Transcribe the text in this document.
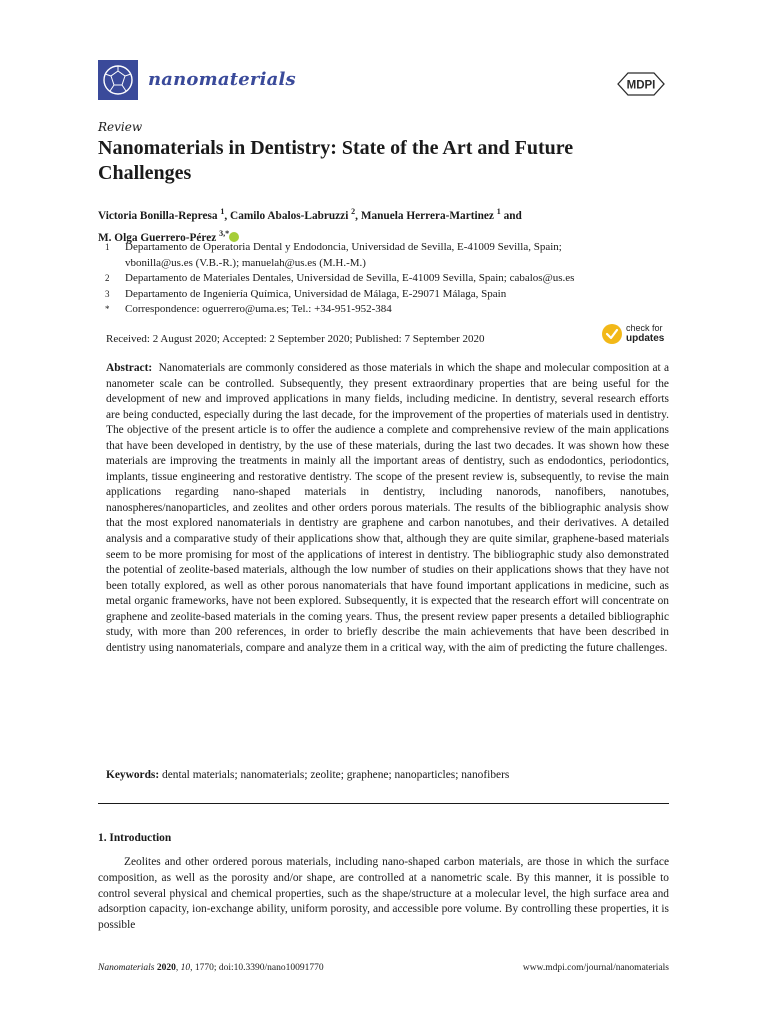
nanomaterials	MDPI
Review
Nanomaterials in Dentistry: State of the Art and Future Challenges
Victoria Bonilla-Represa $^1$, Camilo Abalos-Labruzzi $^2$, Manuela Herrera-Martinez $^1$ and
M. Olga Guerrero-Pérez $^{3,*}$
1	Departamento de Operatoria Dental y Endodoncia, Universidad de Sevilla, E-41009 Sevilla, Spain;
vbonilla@us.es (V.B.-R.); manuelah@us.es (M.H.-M.)
2	Departamento de Materiales Dentales, Universidad de Sevilla, E-41009 Sevilla, Spain; cabalos@us.es
3	Departamento de Ingeniería Química, Universidad de Málaga, E-29071 Málaga, Spain
*	Correspondence: oguerrero@uma.es; Tel.: +34-951-952-384
Received: 2 August 2020; Accepted: 2 September 2020; Published: 7 September 2020
check for
updates

Abstract: Nanomaterials are commonly considered as those materials in which the shape and molecular composition at a nanometer scale can be controlled. Subsequently, they present extraordinary properties that are being useful for the development of new and improved applications in many fields, including medicine. In dentistry, several research efforts are being conducted, especially during the last decade, for the improvement of the properties of materials used in dentistry. The objective of the present article is to offer the audience a complete and comprehensive review of the main applications that have been developed in dentistry, by the use of these materials, during the last two decades. It was shown how these materials are improving the treatments in mainly all the important areas of dentistry, such as endodontics, periodontics, implants, tissue engineering and restorative dentistry. The scope of the present review is, subsequently, to revise the main applications regarding nano-shaped materials in dentistry, including nanorods, nanofibers, nanotubes, nanospheres/nanoparticles, and zeolites and other orders porous materials. The results of the bibliographic analysis show that the most explored nanomaterials in dentistry are graphene and carbon nanotubes, and their derivatives. A detailed analysis and a comparative study of their applications show that, although they are quite similar, graphene-based materials seem to be more promising for most of the applications of interest in dentistry. The bibliographic study also demonstrated the potential of zeolite-based materials, although the low number of studies on their applications shows that they have not been totally explored, as well as other porous nanomaterials that have found important applications in medicine, such as metal organic frameworks, have not been explored. Subsequently, it is expected that the research effort will concentrate on graphene and zeolite-based materials in the coming years. Thus, the present review paper presents a detailed bibliographic study, with more than 200 references, in order to briefly describe the main achievements that have been described in dentistry using nanomaterials, compare and analyze them in a critical way, with the aim of predicting the future challenges.

Keywords: dental materials; nanomaterials; zeolite; graphene; nanoparticles; nanofibers
1. Introduction

Zeolites and other ordered porous materials, including nano-shaped carbon materials, are those in which the surface composition, as well as the porosity and/or shape, are controlled at a nanometric scale. By this manner, it is possible to control several physical and chemical properties, such as the shape/structure at a molecular level, the high surface area and adsorption capacity, ion-exchange ability, uniform porosity, and accessible pore volume. By controlling these properties, it is possible

Nanomaterials 2020, 10, 1770; doi:10.3390/nano10091770	www.mdpi.com/journal/nanomaterials
